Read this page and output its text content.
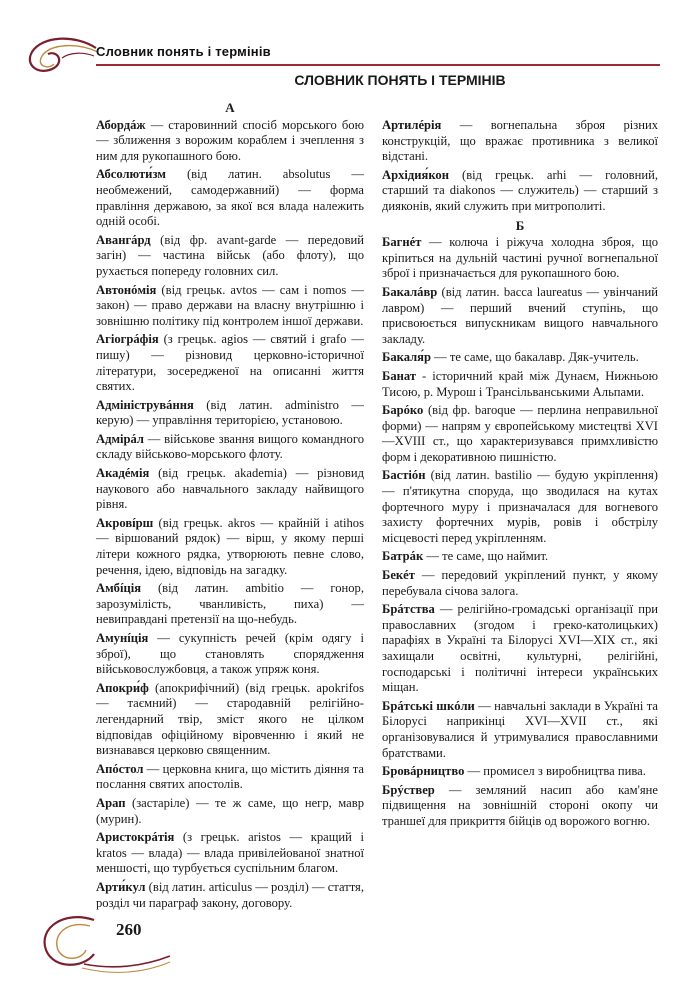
Словник понять і термінів
СЛОВНИК ПОНЯТЬ І ТЕРМІНІВ
А
Абордáж — старовинний спосіб морського бою — зближення з ворожим кораблем і зчеплення з ним для рукопашного бою.
Абсолюти́зм (від латин. absolutus — необмежений, самодержавний) — форма правління державою, за якої вся влада належить одній особі.
Авангáрд (від фр. avant-garde — передовий загін) — частина військ (або флоту), що рухається попереду головних сил.
Автонóмія (від грецьк. avtos — сам і nomos — закон) — право держави на власну внутрішню і зовнішню політику під контролем іншої держави.
Агіогрáфія (з грецьк. agios — святий і grafo — пишу) — різновид церковно-історичної літератури, зосередженої на описанні життя святих.
Адмініструвáння (від латин. administro — керую) — управління територією, установою.
Адмірáл — військове звання вищого командного складу військово-морського флоту.
Акадéмія (від грецьк. akademia) — різновид наукового або навчального закладу найвищого рівня.
Акровíрш (від грецьк. akros — крайній і atihos — віршований рядок) — вірш, у якому перші літери кожного рядка, утворюють певне слово, речення, ідею, відповідь на загадку.
Амбíція (від латин. ambitio — гонор, зарозумілість, чванливість, пиха) — невиправдані претензії на що-небудь.
Амунíція — сукупність речей (крім одягу і зброї), що становлять спорядження військовослужбовця, а також упряж коня.
Апокри́ф (апокрифічний) (від грецьк. apokrifos — таємний) — стародавній релігійно-легендарний твір, зміст якого не цілком відповідав офіційному віровченню і який не визнавався церковю священним.
Апóстол — церковна книга, що містить діяння та послання святих апостолів.
Арап (застаріле) — те ж саме, що негр, мавр (мурин).
Аристокрáтія (з грецьк. aristos — кращий і kratos — влада) — влада привілейованої знатної меншості, що турбується суспільним благом.
Арти́кул (від латин. articulus — розділ) — стаття, розділ чи параграф закону, договору.
Артилéрія — вогнепальна зброя різних конструкцій, що вражає противника з великої відстані.
Архідия́кон (від грецьк. arhi — головний, старший та diakonos — служитель) — старший з дияконів, який служить при митрополиті.
Б
Багнéт — колюча і ріжуча холодна зброя, що кріпиться на дульній частині ручної вогнепальної зброї і призначається для рукопашного бою.
Бакалáвр (від латин. bacca laureatus — увінчаний лавром) — перший вчений ступінь, що присвоюється випускникам вищого навчального закладу.
Бакаля́р — те саме, що бакалавр. Дяк-учитель.
Банат - історичний край між Дунаєм, Нижньою Тисою, р. Мурош і Трансільванськими Альпами.
Барóко (від фр. baroque — перлина неправильної форми) — напрям у європейському мистецтві XVI—XVIII ст., що характеризувався примхливістю форм і декоративною пишністю.
Бастіóн (від латин. bastilio — будую укріплення) — п'ятикутна споруда, що зводилася на кутах фортечного муру і призначалася для вогневого захисту фортечних мурів, ровів і обстрілу місцевості перед укріпленням.
Батрáк — те саме, що наймит.
Бекéт — передовий укріплений пункт, у якому перебувала січова залога.
Брáтства — релігійно-громадські організації при православних (згодом і греко-католицьких) парафіях в Україні та Білорусі XVI—XIX ст., які захищали освітні, культурні, релігійні, господарські і політичні інтереси українських міщан.
Брáтські шкóли — навчальні заклади в Україні та Білорусі наприкінці XVI—XVII ст., які організовувалися й утримувалися православними братствами.
Бровáрництво — промисел з виробництва пива.
Брýствер — земляний насип або кам'яне підвищення на зовнішній стороні окопу чи траншеї для прикриття бійців од ворожого вогню.
260
